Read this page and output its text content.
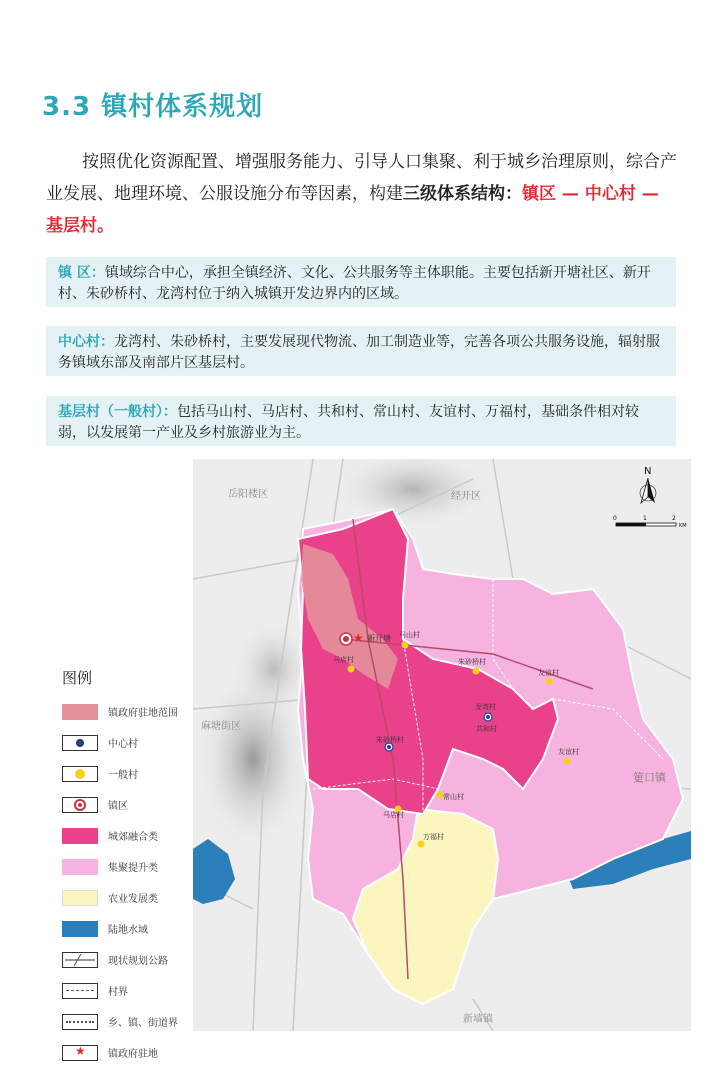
3.3 镇村体系规划
按照优化资源配置、增强服务能力、引导人口集聚、利于城乡治理原则，综合产业发展、地理环境、公服设施分布等因素，构建三级体系结构：镇区 — 中心村 — 基层村。
镇 区：镇域综合中心，承担全镇经济、文化、公共服务等主体职能。主要包括新开塘社区、新开村、朱砂桥村、龙湾村位于纳入城镇开发边界内的区域。
中心村：龙湾村、朱砂桥村，主要发展现代物流、加工制造业等，完善各项公共服务设施，辐射服务镇域东部及南部片区基层村。
基层村（一般村）：包括马山村、马店村、共和村、常山村、友谊村、万福村，基础条件相对较弱，以发展第一产业及乡村旅游业为主。
★ 新开塘 马山村
马店村	朱砂桥村
友谊村
龙湾村
共和村
朱砂桥村
常山村
友谊村
马店村
万福村
岳阳楼区	经开区
麻塘街区
筻口镇
新墙镇
N
0	1	2
KM
图例
镇政府驻地范围
中心村
一般村
镇区
城郊融合类
集聚提升类
农业发展类
陆地水域
现状规划公路
村界
乡、镇、街道界
★ 镇政府驻地
